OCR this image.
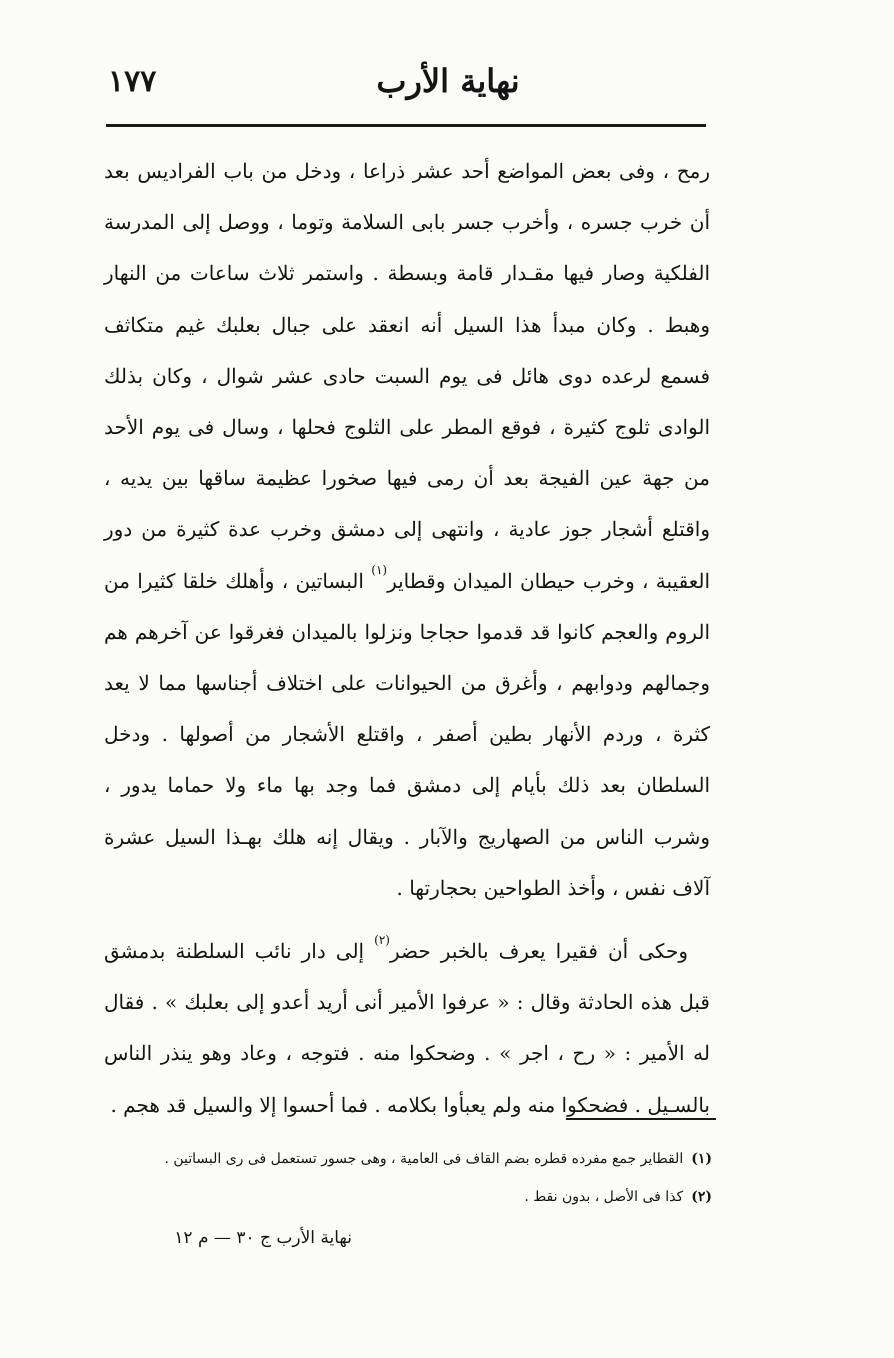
نهاية الأرب
١٧٧

رمح ، وفى بعض المواضع أحد عشر ذراعا ، ودخل من باب الفراديس بعد أن خرب جسره ، وأخرب جسر بابى السلامة وتوما ، ووصل إلى المدرسة الفلكية وصار فيها مقـدار قامة وبسطة . واستمر ثلاث ساعات من النهار وهبط . وكان مبدأ هذا السيل أنه انعقد على جبال بعلبك غيم متكاثف فسمع لرعده دوى هائل فى يوم السبت حادى عشر شوال ، وكان بذلك الوادى ثلوج كثيرة ، فوقع المطر على الثلوج فحلها ، وسال فى يوم الأحد من جهة عين الفيجة بعد أن رمى فيها صخورا عظيمة ساقها بين يديه ، واقتلع أشجار جوز عادية ، وانتهى إلى دمشق وخرب عدة كثيرة من دور العقيبة ، وخرب حيطان الميدان وقطاير$^{(١)}$ البساتين ، وأهلك خلقا كثيرا من الروم والعجم كانوا قد قدموا حجاجا ونزلوا بالميدان فغرقوا عن آخرهم هم وجمالهم ودوابهم ، وأغرق من الحيوانات على اختلاف أجناسها مما لا يعد كثرة ، وردم الأنهار بطين أصفر ، واقتلع الأشجار من أصولها . ودخل السلطان بعد ذلك بأيام إلى دمشق فما وجد بها ماء ولا حماما يدور ، وشرب الناس من الصهاريج والآبار . ويقال إنه هلك بهـذا السيل عشرة آلاف نفس ، وأخذ الطواحين بحجارتها .

وحكى أن فقيرا يعرف بالخبر حضر$^{(٢)}$ إلى دار نائب السلطنة بدمشق قبل هذه الحادثة وقال : « عرفوا الأمير أنى أريد أعدو إلى بعلبك » . فقال له الأمير : « رح ، اجر » . وضحكوا منه . فتوجه ، وعاد وهو ينذر الناس بالسـيل . فضحكوا منه ولم يعبأوا بكلامه . فما أحسوا إلا والسيل قد هجم .

(١)القطاير جمع مفرده قطره بضم القاف فى العامية ، وهى جسور تستعمل فى رى البساتين .
(٢)كذا فى الأصل ، بدون نقط .
نهاية الأرب ج ٣٠ — م ١٢
